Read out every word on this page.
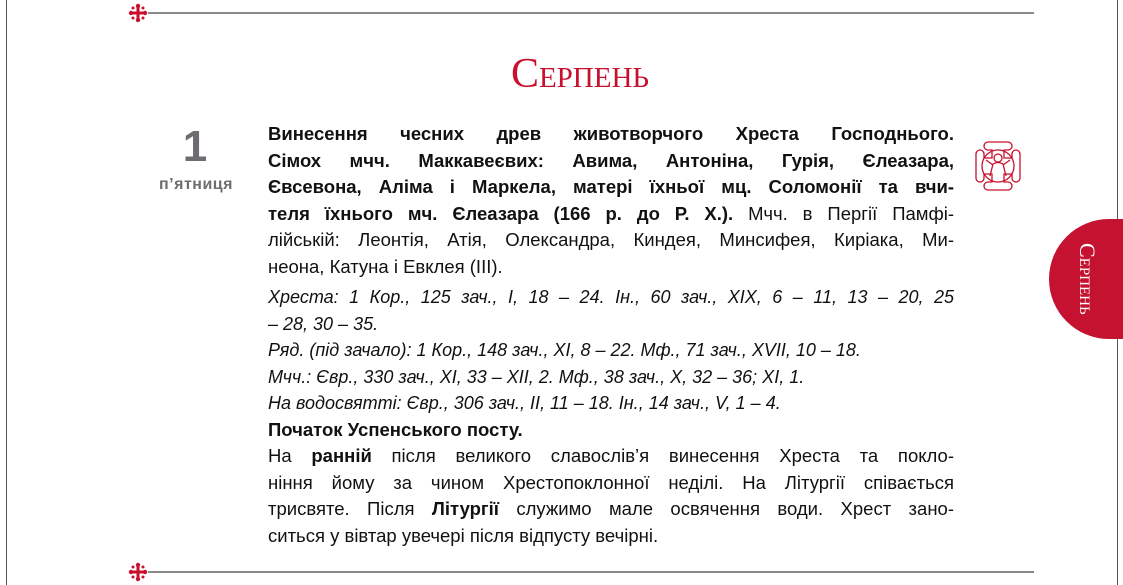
Серпень
1
п’ятниця
Серпень
Винесення чесних древ животворчого Хреста Господнього.
Сімох мчч. Маккавеєвих: Авима, Антоніна, Гурія, Єлеазара,
Євсевона, Аліма і Маркела, матері їхньої мц. Соломонії та вчи-
теля їхнього мч. Єлеазара (166 р. до Р. Х.). Мчч. в Пергії Памфі-
лійській: Леонтія, Атія, Олександра, Киндея, Минсифея, Киріака, Ми-
неона, Катуна і Евклея (III).
Хреста: 1 Кор., 125 зач., I, 18 – 24. Ін., 60 зач., XIX, 6 – 11, 13 – 20, 25
– 28, 30 – 35.
Ряд. (під зачало): 1 Кор., 148 зач., XI, 8 – 22. Мф., 71 зач., XVII, 10 – 18.
Мчч.: Євр., 330 зач., XI, 33 – XII, 2. Мф., 38 зач., X, 32 – 36; XI, 1.
На водосвятті: Євр., 306 зач., II, 11 – 18. Ін., 14 зач., V, 1 – 4.
Початок Успенського посту.
На ранній після великого славослів’я винесення Хреста та покло-
ніння йому за чином Хрестопоклонної неділі. На Літургії співається
трисвяте. Після Літургії служимо мале освячення води. Хрест зано-
ситься у вівтар увечері після відпусту вечірні.
